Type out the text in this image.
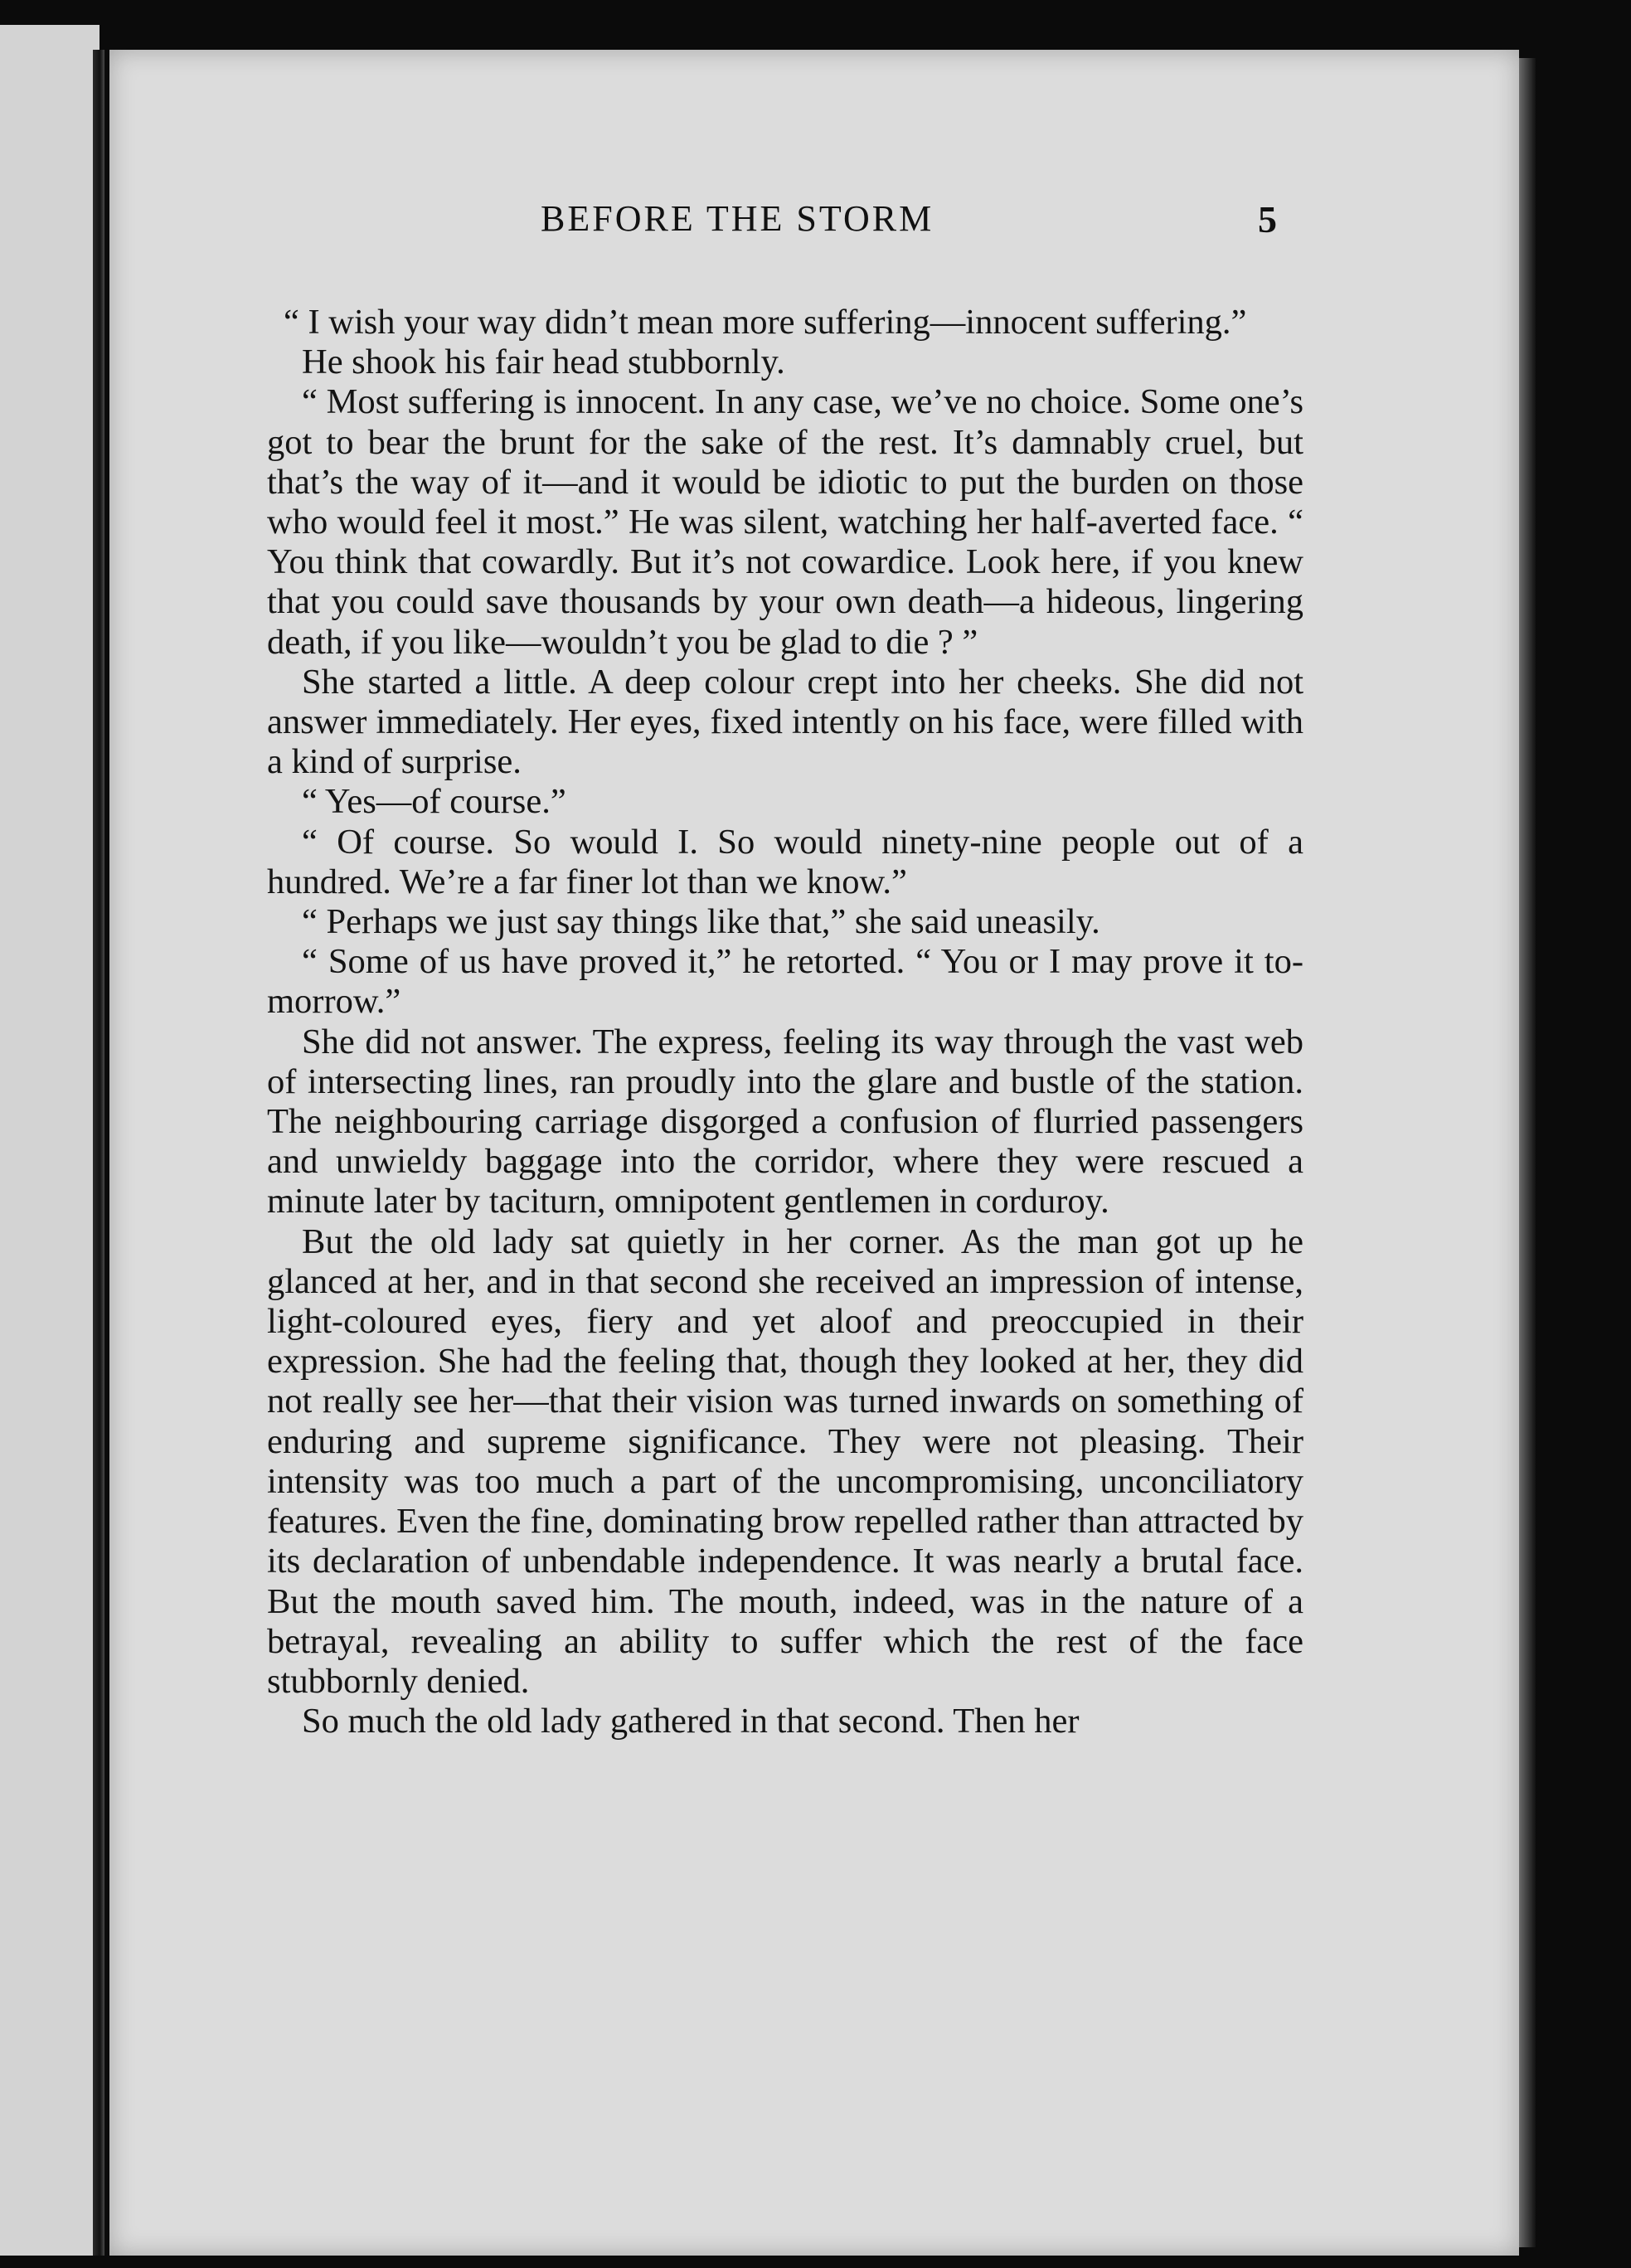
BEFORE THE STORM	5

“ I wish your way didn’t mean more suffering—innocent suffering.”

He shook his fair head stubbornly.

“ Most suffering is innocent. In any case, we’ve no choice. Some one’s got to bear the brunt for the sake of the rest. It’s damnably cruel, but that’s the way of it—and it would be idiotic to put the burden on those who would feel it most.” He was silent, watching her half-averted face. “ You think that cowardly. But it’s not cowardice. Look here, if you knew that you could save thousands by your own death—a hideous, lingering death, if you like—wouldn’t you be glad to die ? ”

She started a little. A deep colour crept into her cheeks. She did not answer immediately. Her eyes, fixed intently on his face, were filled with a kind of surprise.

“ Yes—of course.”

“ Of course. So would I. So would ninety-nine people out of a hundred. We’re a far finer lot than we know.”

“ Perhaps we just say things like that,” she said uneasily.

“ Some of us have proved it,” he retorted. “ You or I may prove it to-morrow.”

She did not answer. The express, feeling its way through the vast web of intersecting lines, ran proudly into the glare and bustle of the station. The neighbouring carriage disgorged a confusion of flurried passengers and unwieldy baggage into the corridor, where they were rescued a minute later by taciturn, omnipotent gentlemen in corduroy.

But the old lady sat quietly in her corner. As the man got up he glanced at her, and in that second she received an impression of intense, light-coloured eyes, fiery and yet aloof and preoccupied in their expression. She had the feeling that, though they looked at her, they did not really see her—that their vision was turned inwards on something of enduring and supreme significance. They were not pleasing. Their intensity was too much a part of the uncompromising, unconciliatory features. Even the fine, dominating brow repelled rather than attracted by its declaration of unbendable independence. It was nearly a brutal face. But the mouth saved him. The mouth, indeed, was in the nature of a betrayal, revealing an ability to suffer which the rest of the face stubbornly denied.

So much the old lady gathered in that second. Then her
